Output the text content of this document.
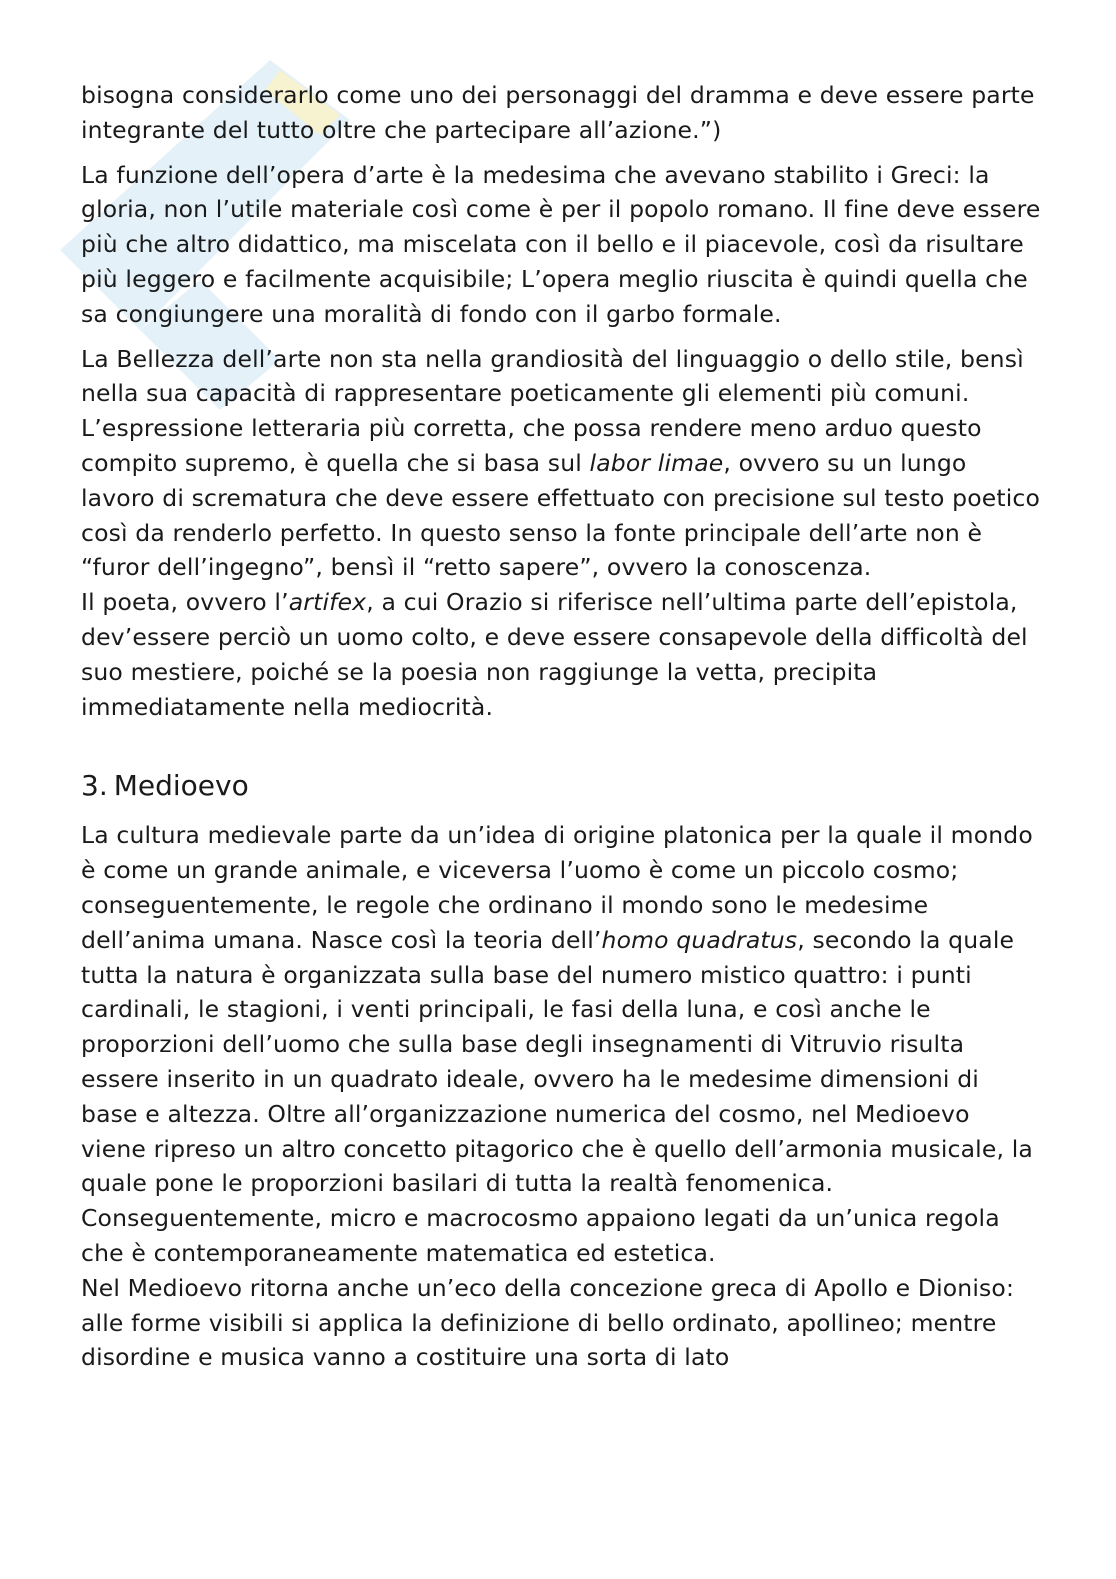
bisogna considerarlo come uno dei personaggi del dramma e deve essere parte integrante del tutto oltre che partecipare all’azione.”)

La funzione dell’opera d’arte è la medesima che avevano stabilito i Greci: la gloria, non l’utile materiale così come è per il popolo romano. Il fine deve essere più che altro didattico, ma miscelata con il bello e il piacevole, così da risultare più leggero e facilmente acquisibile; L’opera meglio riuscita è quindi quella che sa congiungere una moralità di fondo con il garbo formale.

La Bellezza dell’arte non sta nella grandiosità del linguaggio o dello stile, bensì nella sua capacità di rappresentare poeticamente gli elementi più comuni. L’espressione letteraria più corretta, che possa rendere meno arduo questo compito supremo, è quella che si basa sul labor limae, ovvero su un lungo lavoro di scrematura che deve essere effettuato con precisione sul testo poetico così da renderlo perfetto. In questo senso la fonte principale dell’arte non è “furor dell’ingegno”, bensì il “retto sapere”, ovvero la conoscenza.

Il poeta, ovvero l’artifex, a cui Orazio si riferisce nell’ultima parte dell’epistola, dev’essere perciò un uomo colto, e deve essere consapevole della difficoltà del suo mestiere, poiché se la poesia non raggiunge la vetta, precipita immediatamente nella mediocrità.

3. Medioevo

La cultura medievale parte da un’idea di origine platonica per la quale il mondo è come un grande animale, e viceversa l’uomo è come un piccolo cosmo; conseguentemente, le regole che ordinano il mondo sono le medesime dell’anima umana. Nasce così la teoria dell’homo quadratus, secondo la quale tutta la natura è organizzata sulla base del numero mistico quattro: i punti cardinali, le stagioni, i venti principali, le fasi della luna, e così anche le proporzioni dell’uomo che sulla base degli insegnamenti di Vitruvio risulta essere inserito in un quadrato ideale, ovvero ha le medesime dimensioni di base e altezza. Oltre all’organizzazione numerica del cosmo, nel Medioevo viene ripreso un altro concetto pitagorico che è quello dell’armonia musicale, la quale pone le proporzioni basilari di tutta la realtà fenomenica.

Conseguentemente, micro e macrocosmo appaiono legati da un’unica regola che è contemporaneamente matematica ed estetica.

Nel Medioevo ritorna anche un’eco della concezione greca di Apollo e Dioniso: alle forme visibili si applica la definizione di bello ordinato, apollineo; mentre disordine e musica vanno a costituire una sorta di lato
